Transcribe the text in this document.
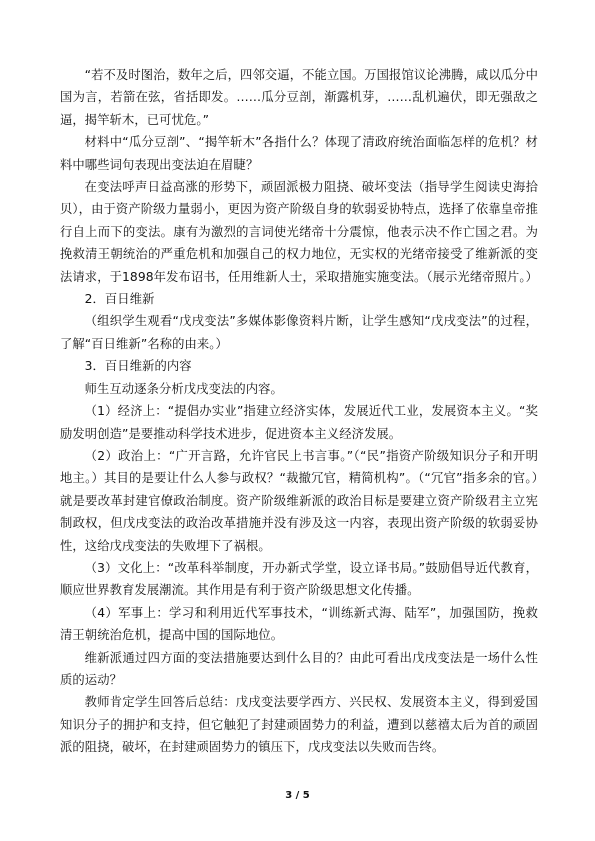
“若不及时图治，数年之后，四邻交逼，不能立国。万国报馆议论沸腾，咸以瓜分中国为言，若箭在弦，省括即发。……瓜分豆剖，渐露机芽，……乱机遍伏，即无强敌之逼，揭竿斩木，已可忧危。”

材料中“瓜分豆剖”、“揭竿斩木”各指什么？体现了清政府统治面临怎样的危机？材料中哪些词句表现出变法迫在眉睫？

在变法呼声日益高涨的形势下，顽固派极力阻挠、破坏变法（指导学生阅读史海拾贝），由于资产阶级力量弱小，更因为资产阶级自身的软弱妥协特点，选择了依靠皇帝推行自上而下的变法。康有为激烈的言词使光绪帝十分震惊，他表示决不作亡国之君。为挽救清王朝统治的严重危机和加强自己的权力地位，无实权的光绪帝接受了维新派的变法请求，于1898年发布诏书，任用维新人士，采取措施实施变法。（展示光绪帝照片。）

2．百日维新

（组织学生观看“戊戌变法”多媒体影像资料片断，让学生感知“戊戌变法”的过程，了解“百日维新”名称的由来。）

3．百日维新的内容

师生互动逐条分析戊戌变法的内容。

（1）经济上：“提倡办实业”指建立经济实体，发展近代工业，发展资本主义。“奖励发明创造”是要推动科学技术进步，促进资本主义经济发展。

（2）政治上：“广开言路，允许官民上书言事。”（“民”指资产阶级知识分子和开明地主。）其目的是要让什么人参与政权？“裁撤冗官，精简机构”。（“冗官”指多余的官。）就是要改革封建官僚政治制度。资产阶级维新派的政治目标是要建立资产阶级君主立宪制政权，但戊戌变法的政治改革措施并没有涉及这一内容，表现出资产阶级的软弱妥协性，这给戊戌变法的失败埋下了祸根。

（3）文化上：“改革科举制度，开办新式学堂，设立译书局。”鼓励倡导近代教育，顺应世界教育发展潮流。其作用是有利于资产阶级思想文化传播。

（4）军事上：学习和利用近代军事技术，“训练新式海、陆军”，加强国防，挽救清王朝统治危机，提高中国的国际地位。

维新派通过四方面的变法措施要达到什么目的？由此可看出戊戌变法是一场什么性质的运动？

教师肯定学生回答后总结：戊戌变法要学西方、兴民权、发展资本主义，得到爱国知识分子的拥护和支持，但它触犯了封建顽固势力的利益，遭到以慈禧太后为首的顽固派的阻挠，破坏，在封建顽固势力的镇压下，戊戌变法以失败而告终。

3 / 5
